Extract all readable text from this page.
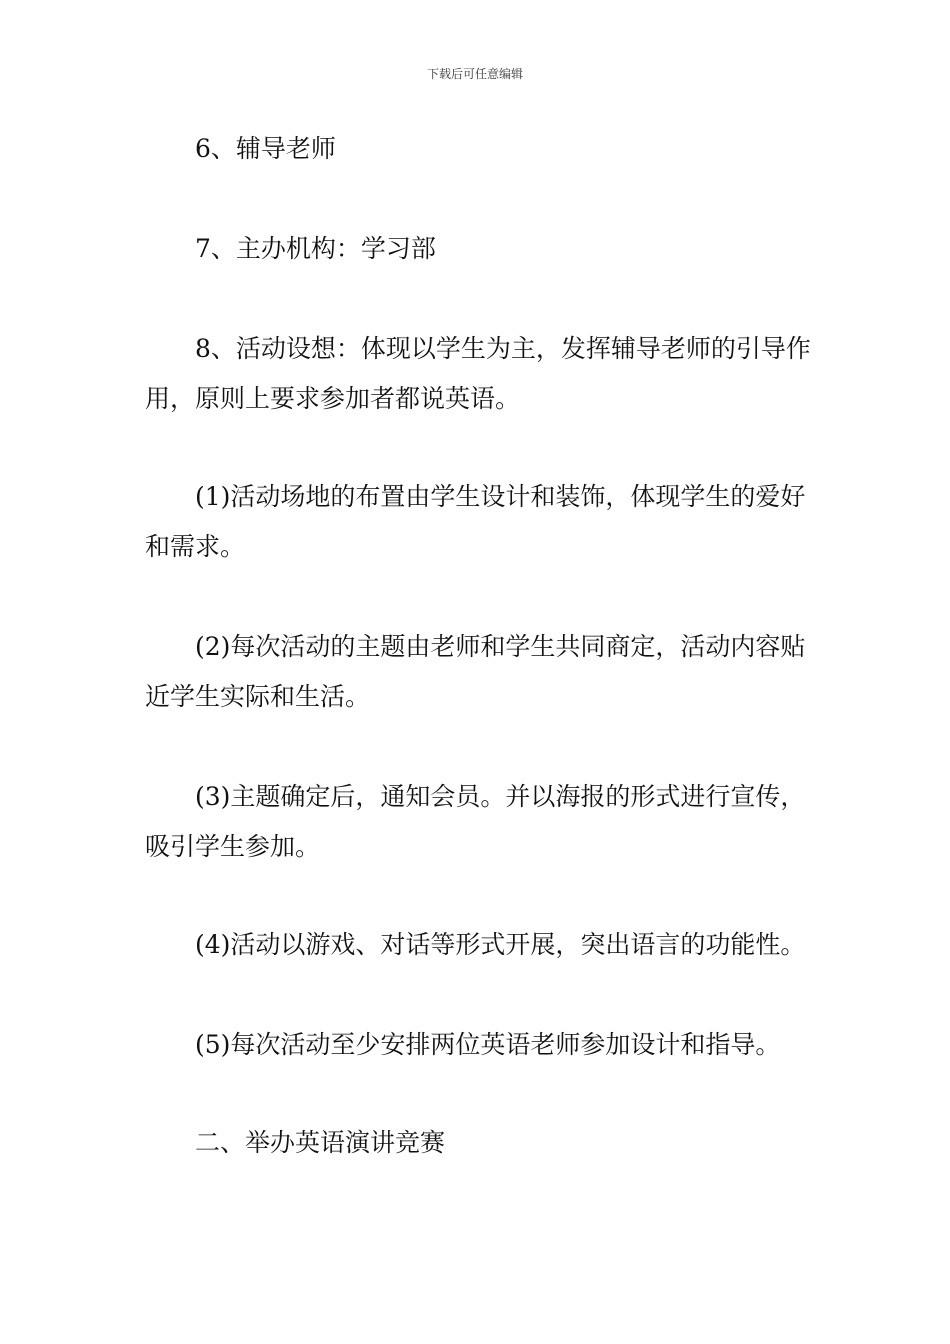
下载后可任意编辑

6、辅导老师

7、主办机构：学习部

8、活动设想：体现以学生为主，发挥辅导老师的引导作用，原则上要求参加者都说英语。

(1)活动场地的布置由学生设计和装饰，体现学生的爱好和需求。

(2)每次活动的主题由老师和学生共同商定，活动内容贴近学生实际和生活。

(3)主题确定后，通知会员。并以海报的形式进行宣传，吸引学生参加。

(4)活动以游戏、对话等形式开展，突出语言的功能性。

(5)每次活动至少安排两位英语老师参加设计和指导。

二、举办英语演讲竞赛
